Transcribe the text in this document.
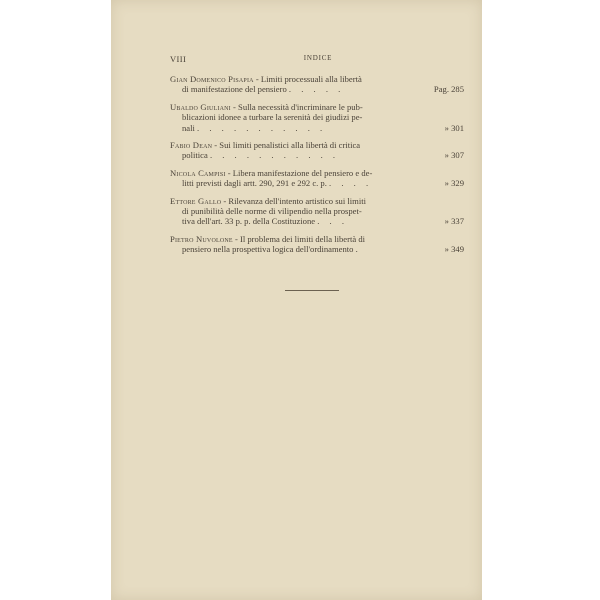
VIII	INDICE
Gian Domenico Pisapia - Limiti processuali alla libertà
di manifestazione del pensiero . . . . .	Pag. 285
Ubaldo Giuliani - Sulla necessità d'incriminare le pub-
blicazioni idonee a turbare la serenità dei giudizi pe-
nali . . . . . . . . . . .	» 301
Fabio Dean - Sui limiti penalistici alla libertà di critica
politica . . . . . . . . . . .	» 307
Nicola Campisi - Libera manifestazione del pensiero e de-
litti previsti dagli artt. 290, 291 e 292 c. p. . . . .	» 329
Ettore Gallo - Rilevanza dell'intento artistico sui limiti
di punibilità delle norme di vilipendio nella prospet-
tiva dell'art. 33 p. p. della Costituzione . . .	» 337
Pietro Nuvolone - Il problema dei limiti della libertà di
pensiero nella prospettiva logica dell'ordinamento .	» 349
